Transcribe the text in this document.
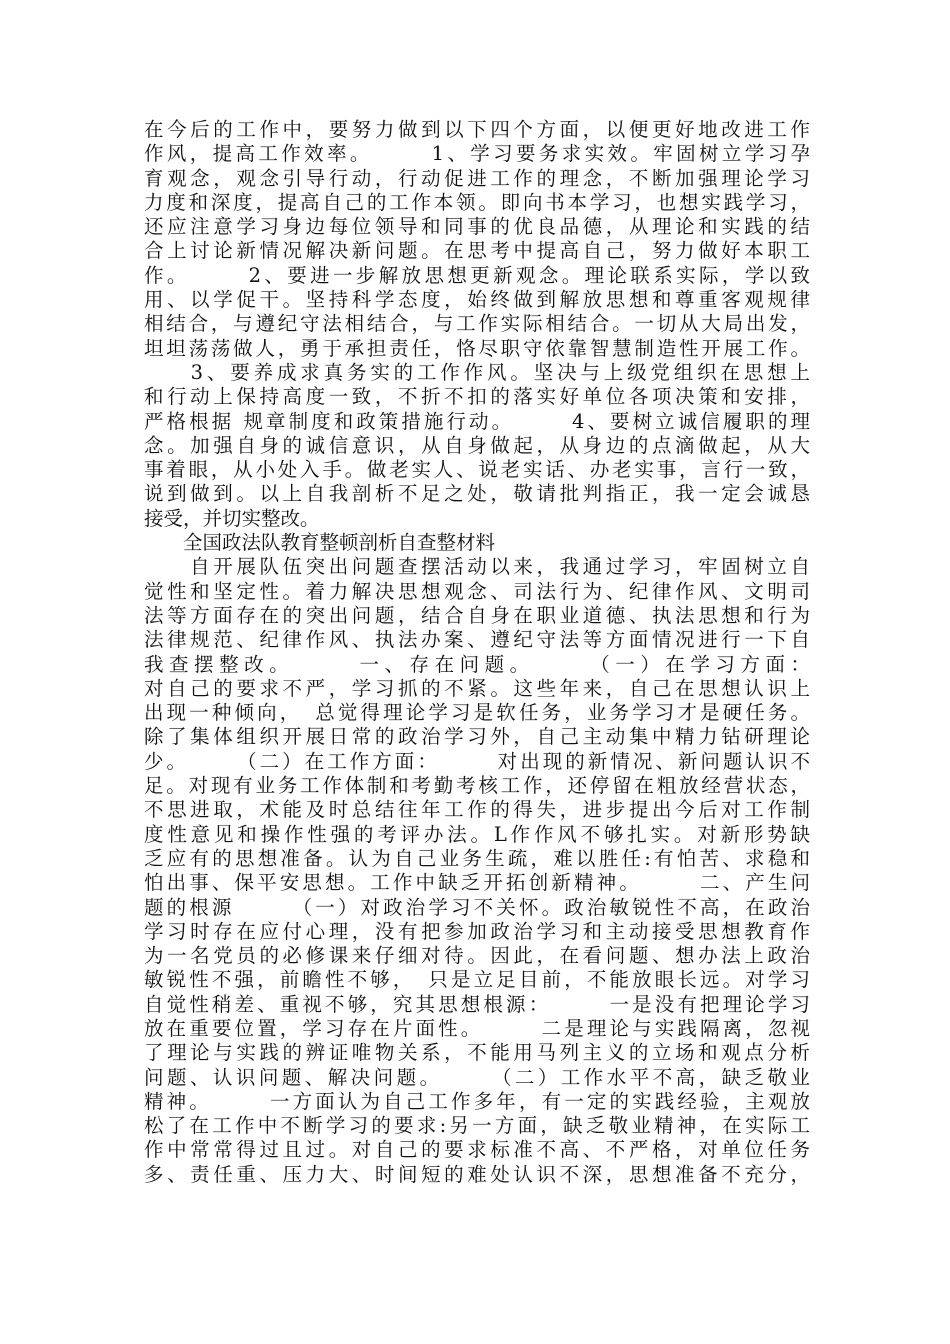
在今后的工作中，要努力做到以下四个方面，以便更好地改进工作
作风，提高工作效率。　　　1、学习要务求实效。牢固树立学习孕
育观念，观念引导行动，行动促进工作的理念，不断加强理论学习
力度和深度，提高自己的工作本领。即向书本学习，也想实践学习，
还应注意学习身边每位领导和同事的优良品德，从理论和实践的结
合上讨论新情况解决新问题。在思考中提高自己，努力做好本职工
作。　　　2、要进一步解放思想更新观念。理论联系实际，学以致
用、以学促干。坚持科学态度，始终做到解放思想和尊重客观规律
相结合，与遵纪守法相结合，与工作实际相结合。一切从大局出发，
坦坦荡荡做人，勇于承担责任，恪尽职守依靠智慧制造性开展工作。
　　3、要养成求真务实的工作作风。坚决与上级党组织在思想上
和行动上保持高度一致，不折不扣的落实好单位各项决策和安排，
严格根据 规章制度和政策措施行动。　　　4、要树立诚信履职的理
念。加强自身的诚信意识，从自身做起，从身边的点滴做起，从大
事着眼，从小处入手。做老实人、说老实话、办老实事，言行一致，
说到做到。以上自我剖析不足之处，敬请批判指正，我一定会诚恳
接受，并切实整改。
　　全国政法队教育整顿剖析自查整材料
　　自开展队伍突出问题查摆活动以来，我通过学习，牢固树立自
觉性和坚定性。着力解决思想观念、司法行为、纪律作风、文明司
法等方面存在的突出问题，结合自身在职业道德、执法思想和行为
法律规范、纪律作风、执法办案、遵纪守法等方面情况进行一下自
我查摆整改。　　　一、存在问题。　　　（一）在学习方面：
对自己的要求不严，学习抓的不紧。这些年来，自己在思想认识上
出现一种倾向，　总觉得理论学习是软任务，业务学习才是硬任务。
除了集体组织开展日常的政治学习外，自己主动集中精力钻研理论
少。　　　（二）在工作方面：　　　对出现的新情况、新问题认识不
足。对现有业务工作体制和考勤考核工作，还停留在粗放经营状态，
不思进取，术能及时总结往年工作的得失，进步提出今后对工作制
度性意见和操作性强的考评办法。L作作风不够扎实。对新形势缺
乏应有的思想准备。认为自己业务生疏，难以胜任:有怕苦、求稳和
怕出事、保平安思想。工作中缺乏开拓创新精神。　　　二、产生问
题的根源　　　（一）对政治学习不关怀。政治敏锐性不高，在政治
学习时存在应付心理，没有把参加政治学习和主动接受思想教育作
为一名党员的必修课来仔细对待。因此，在看问题、想办法上政治
敏锐性不强，前瞻性不够，　只是立足目前，不能放眼长远。对学习
自觉性稍差、重视不够，究其思想根源：　　　一是没有把理论学习
放在重要位置，学习存在片面性。　　　二是理论与实践隔离，忽视
了理论与实践的辨证唯物关系，不能用马列主义的立场和观点分析
问题、认识问题、解决问题。　　　（二）工作水平不高，缺乏敬业
精神。　　　一方面认为自己工作多年，有一定的实践经验，主观放
松了在工作中不断学习的要求:另一方面，缺乏敬业精神，在实际工
作中常常得过且过。对自己的要求标准不高、不严格，对单位任务
多、责任重、压力大、时间短的难处认识不深，思想准备不充分，
